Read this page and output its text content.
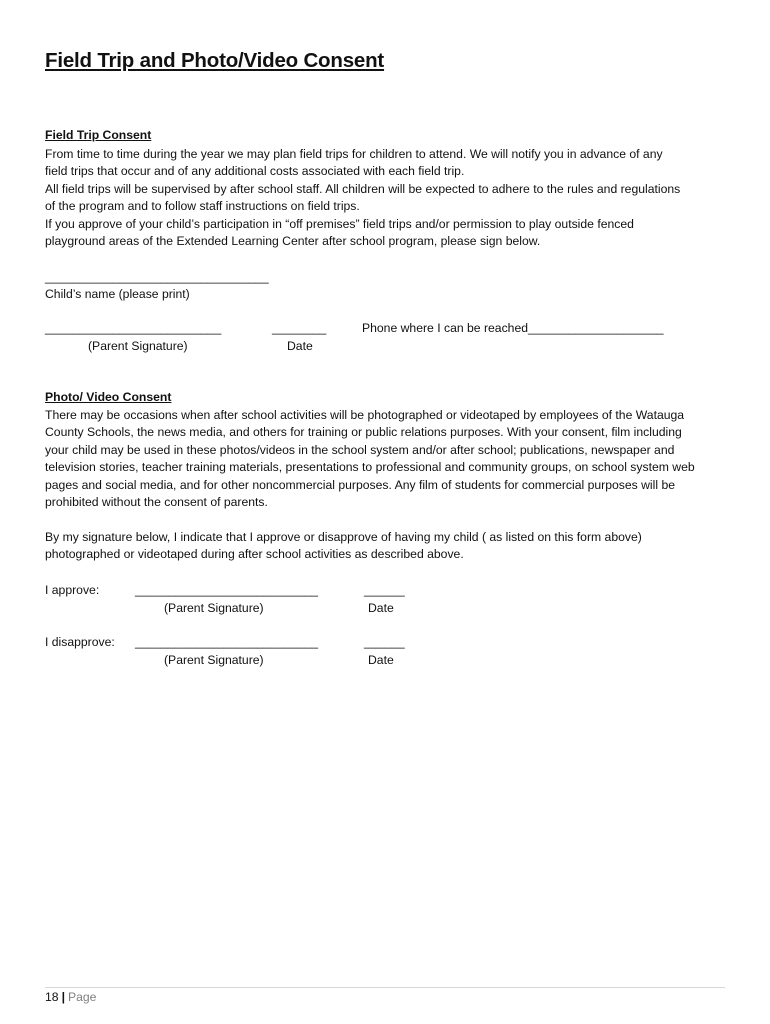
Field Trip and Photo/Video Consent
Field Trip Consent
From time to time during the year we may plan field trips for children to attend. We will notify you in advance of any
field trips that occur and of any additional costs associated with each field trip.
All field trips will be supervised by after school staff. All children will be expected to adhere to the rules and regulations
of the program and to follow staff instructions on field trips.
If you approve of your child’s participation in “off premises” field trips and/or permission to play outside fenced
playground areas of the Extended Learning Center after school program, please sign below.
_________________________________
Child’s name (please print)
__________________________	________	Phone where I can be reached____________________
(Parent Signature)	Date
Photo/ Video Consent
There may be occasions when after school activities will be photographed or videotaped by employees of the Watauga
County Schools, the news media, and others for training or public relations purposes. With your consent, film including
your child may be used in these photos/videos in the school system and/or after school; publications, newspaper and
television stories, teacher training materials, presentations to professional and community groups, on school system web
pages and social media, and for other noncommercial purposes. Any film of students for commercial purposes will be
prohibited without the consent of parents.
By my signature below, I indicate that I approve or disapprove of having my child ( as listed on this form above)
photographed or videotaped during after school activities as described above.
I approve:	___________________________	______
(Parent Signature)	Date
I disapprove: ___________________________	______
(Parent Signature)	Date
18 | Page
